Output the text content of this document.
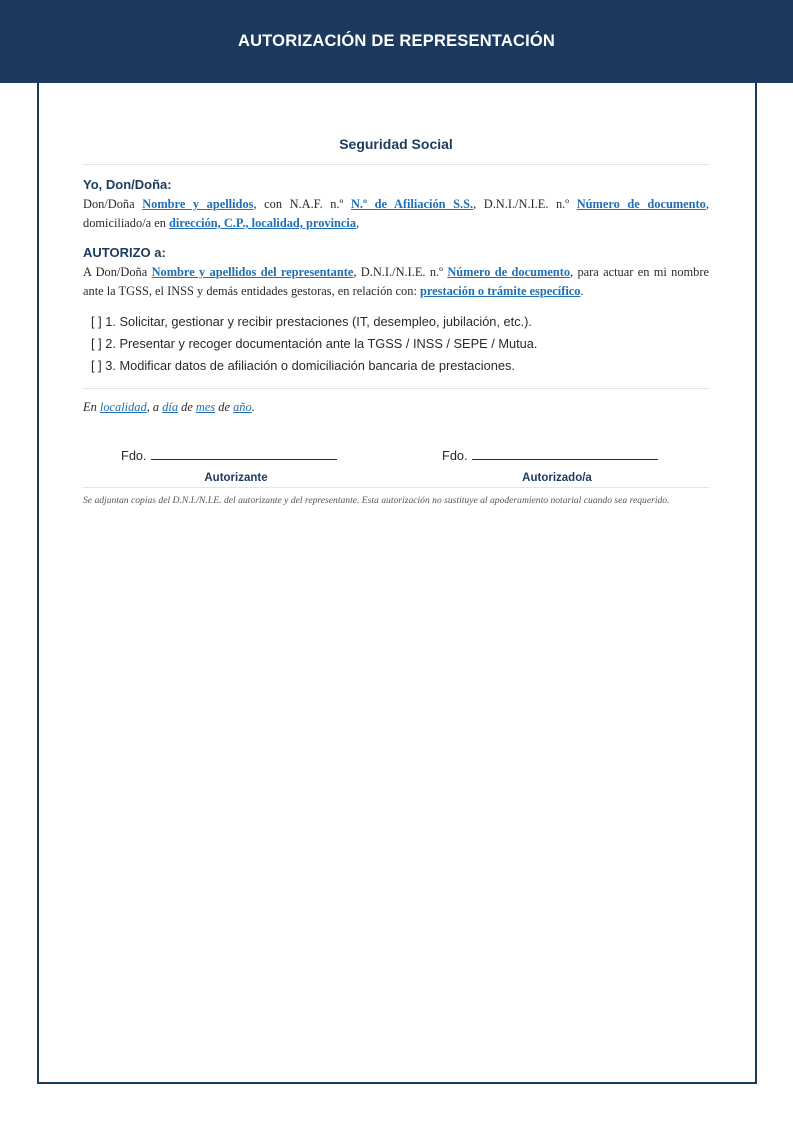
AUTORIZACIÓN DE REPRESENTACIÓN
Seguridad Social
Yo, Don/Doña:
Don/Doña Nombre y apellidos, con N.A.F. n.º N.º de Afiliación S.S., D.N.I./N.I.E. n.º Número de documento, domiciliado/a en dirección, C.P., localidad, provincia,
AUTORIZO a:
A Don/Doña Nombre y apellidos del representante, D.N.I./N.I.E. n.º Número de documento, para actuar en mi nombre ante la TGSS, el INSS y demás entidades gestoras, en relación con: prestación o trámite específico.
[ ] 1. Solicitar, gestionar y recibir prestaciones (IT, desempleo, jubilación, etc.).
[ ] 2. Presentar y recoger documentación ante la TGSS / INSS / SEPE / Mutua.
[ ] 3. Modificar datos de afiliación o domiciliación bancaria de prestaciones.
En localidad, a día de mes de año.
Fdo.
Autorizante
Fdo.
Autorizado/a
Se adjuntan copias del D.N.I./N.I.E. del autorizante y del representante. Esta autorización no sustituye al apoderamiento notarial cuando sea requerido.
